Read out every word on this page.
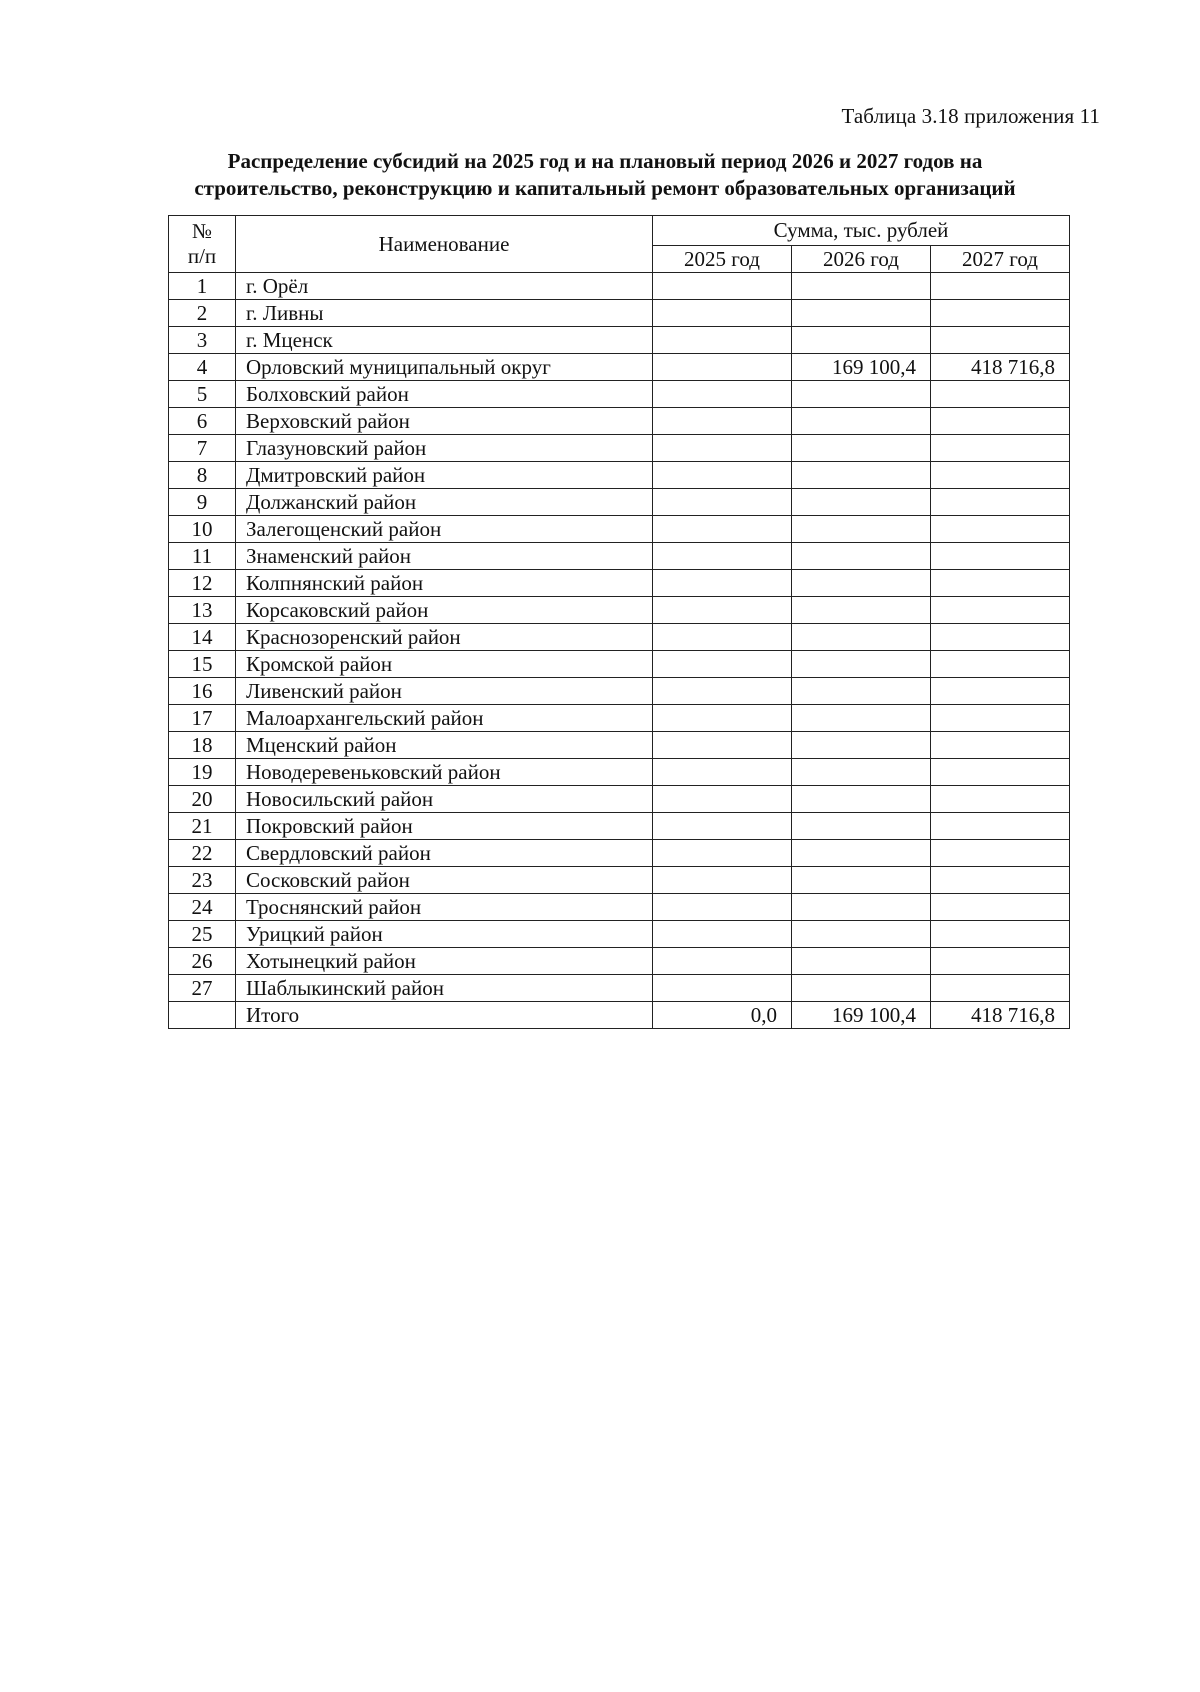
Таблица 3.18 приложения 11
Распределение субсидий на 2025 год и на плановый период 2026 и 2027 годов на
строительство, реконструкцию и капитальный ремонт образовательных организаций
№
п/п	Наименование	Сумма, тыс. рублей		
		2025 год	2026 год	2027 год
1	г. Орёл			
2	г. Ливны			
3	г. Мценск			
4	Орловский муниципальный округ		169 100,4	418 716,8
5	Болховский район			
6	Верховский район			
7	Глазуновский район			
8	Дмитровский район			
9	Должанский район			
10	Залегощенский район			
11	Знаменский район			
12	Колпнянский район			
13	Корсаковский район			
14	Краснозоренский район			
15	Кромской район			
16	Ливенский район			
17	Малоархангельский район			
18	Мценский район			
19	Новодеревеньковский район			
20	Новосильский район			
21	Покровский район			
22	Свердловский район			
23	Сосковский район			
24	Троснянский район			
25	Урицкий район			
26	Хотынецкий район			
27	Шаблыкинский район			
	Итого	0,0	169 100,4	418 716,8
